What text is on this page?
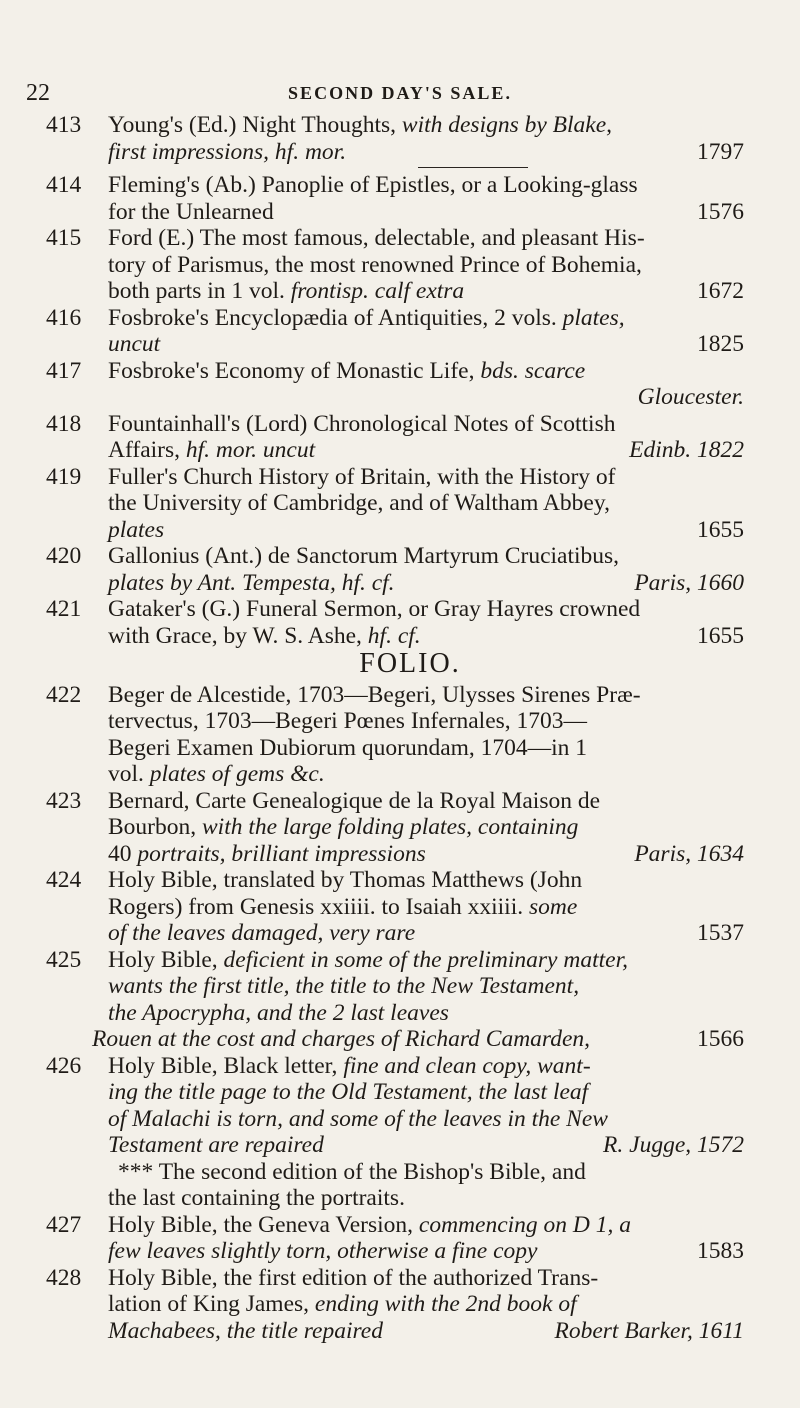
22	SECOND DAY'S SALE.
413	Young's (Ed.) Night Thoughts, with designs by Blake,
first impressions, hf. mor.	1797
414	Fleming's (Ab.) Panoplie of Epistles, or a Looking-glass
for the Unlearned	1576
415	Ford (E.) The most famous, delectable, and pleasant His-
tory of Parismus, the most renowned Prince of Bohemia,
both parts in 1 vol. frontisp. calf extra	1672
416	Fosbroke's Encyclopædia of Antiquities, 2 vols. plates,
uncut	1825
417	Fosbroke's Economy of Monastic Life, bds. scarce
Gloucester.
418	Fountainhall's (Lord) Chronological Notes of Scottish
Affairs, hf. mor. uncut	Edinb. 1822
419	Fuller's Church History of Britain, with the History of
the University of Cambridge, and of Waltham Abbey,
plates	1655
420	Gallonius (Ant.) de Sanctorum Martyrum Cruciatibus,
plates by Ant. Tempesta, hf. cf.	Paris, 1660
421	Gataker's (G.) Funeral Sermon, or Gray Hayres crowned
with Grace, by W. S. Ashe, hf. cf.	1655
FOLIO.
422	Beger de Alcestide, 1703—Begeri, Ulysses Sirenes Præ-
tervectus, 1703—Begeri Pœnes Infernales, 1703—
Begeri Examen Dubiorum quorundam, 1704—in 1
vol. plates of gems &c.
423	Bernard, Carte Genealogique de la Royal Maison de
Bourbon, with the large folding plates, containing
40 portraits, brilliant impressions	Paris, 1634
424	Holy Bible, translated by Thomas Matthews (John
Rogers) from Genesis xxiiii. to Isaiah xxiiii. some
of the leaves damaged, very rare	1537
425	Holy Bible, deficient in some of the preliminary matter,
wants the first title, the title to the New Testament,
the Apocrypha, and the 2 last leaves
Rouen at the cost and charges of Richard Camarden,	1566
426	Holy Bible, Black letter, fine and clean copy, want-
ing the title page to the Old Testament, the last leaf
of Malachi is torn, and some of the leaves in the New
Testament are repaired	R. Jugge, 1572
*** The second edition of the Bishop's Bible, and
the last containing the portraits.
427	Holy Bible, the Geneva Version, commencing on D 1, a
few leaves slightly torn, otherwise a fine copy	1583
428	Holy Bible, the first edition of the authorized Trans-
lation of King James, ending with the 2nd book of
Machabees, the title repaired	Robert Barker, 1611
